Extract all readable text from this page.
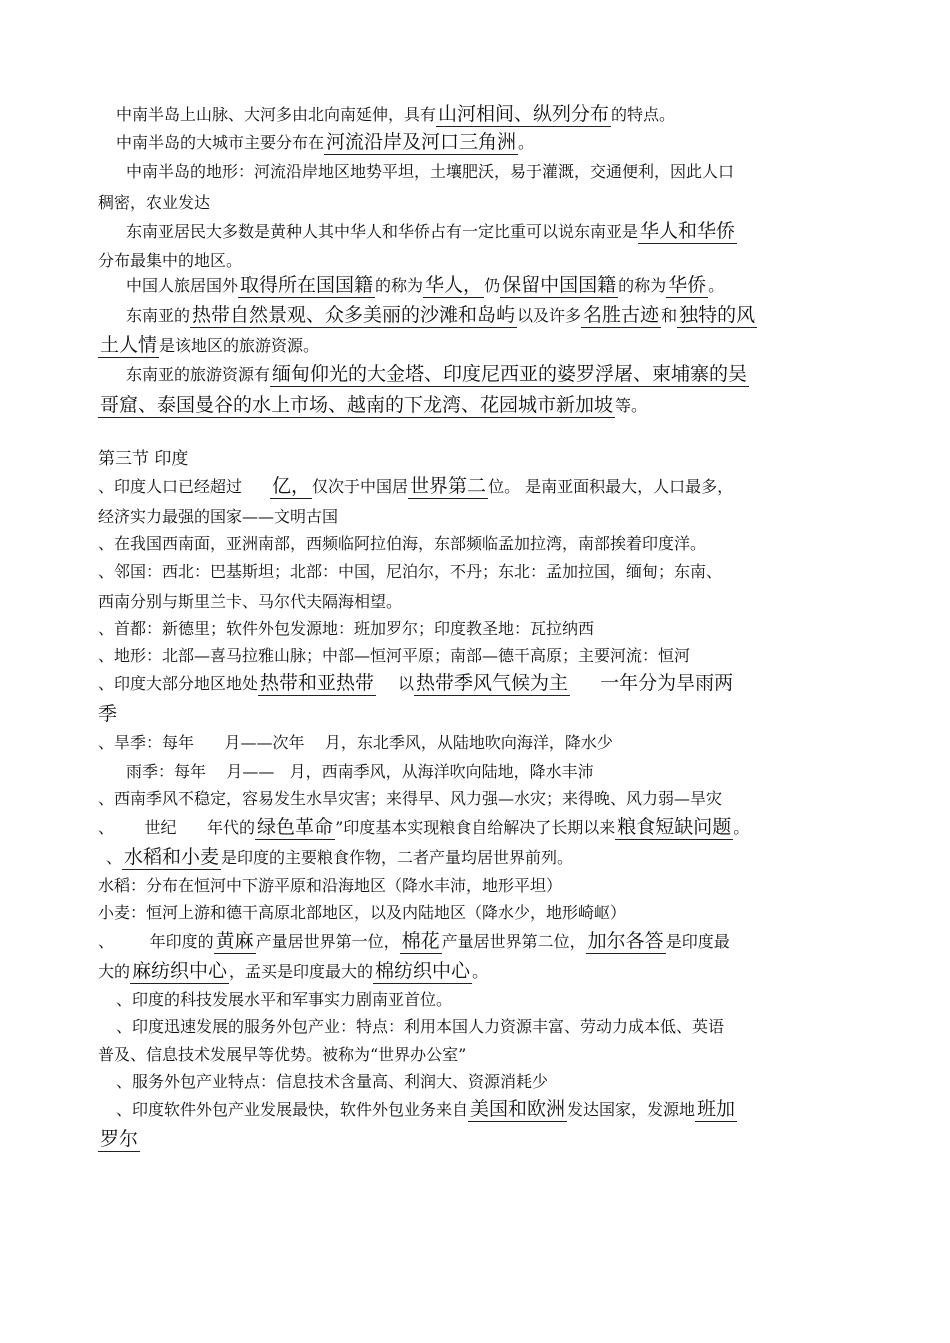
中南半岛上山脉、大河多由北向南延伸，具有 山河相间、纵列分布 的特点。
中南半岛的大城市主要分布在 河流沿岸及河口三角洲 。
中南半岛的地形：河流沿岸地区地势平坦，土壤肥沃，易于灌溉，交通便利，因此人口
稠密，农业发达
东南亚居民大多数是黄种人其中华人和华侨占有一定比重可以说东南亚是 华人和华侨
分布最集中的地区。
中国人旅居国外 取得所在国国籍 的称为 华人， 仍 保留中国国籍 的称为 华侨 。
东南亚的 热带自然景观、众多美丽的沙滩和岛屿 以及许多 名胜古迹 和 独特的风
土人情 是该地区的旅游资源。
东南亚的旅游资源有 缅甸仰光的大金塔、印度尼西亚的婆罗浮屠、柬埔寨的吴
哥窟、泰国曼谷的水上市场、越南的下龙湾、花园城市新加坡 等。
第三节 印度
、印度人口已经超过 亿， 仅次于中国居 世界第二 位。 是南亚面积最大，人口最多，
经济实力最强的国家——文明古国
、在我国西南面，亚洲南部，西频临阿拉伯海，东部频临孟加拉湾，南部挨着印度洋。
、邻国：西北：巴基斯坦；北部：中国，尼泊尔，不丹；东北：孟加拉国，缅甸；东南、
西南分别与斯里兰卡、马尔代夫隔海相望。
、首都：新德里；软件外包发源地：班加罗尔；印度教圣地：瓦拉纳西
、地形：北部—喜马拉雅山脉；中部—恒河平原；南部—德干高原；主要河流：恒河
、印度大部分地区地处 热带和亚热带 以 热带季风气候为主 一年分为旱雨两
季
、旱季：每年      月——次年    月，东北季风，从陆地吹向海洋，降水少
雨季：每年    月——   月，西南季风，从海洋吹向陆地，降水丰沛
、西南季风不稳定，容易发生水旱灾害；来得早、风力强—水灾；来得晚、风力弱—旱灾
、      世纪      年代的 绿色革命 ”印度基本实现粮食自给解决了长期以来 粮食短缺问题 。
、 水稻和小麦 是印度的主要粮食作物，二者产量均居世界前列。
水稻：分布在恒河中下游平原和沿海地区（降水丰沛，地形平坦）
小麦：恒河上游和德干高原北部地区，以及内陆地区（降水少，地形崎岖）
、       年印度的 黄麻 产量居世界第一位， 棉花 产量居世界第二位， 加尔各答 是印度最
大的 麻纺织中心 ，孟买是印度最大的 棉纺织中心 。
、印度的科技发展水平和军事实力剧南亚首位。
、印度迅速发展的服务外包产业：特点：利用本国人力资源丰富、劳动力成本低、英语
普及、信息技术发展早等优势。被称为“世界办公室”
、服务外包产业特点：信息技术含量高、利润大、资源消耗少
、印度软件外包产业发展最快，软件外包业务来自 美国和欧洲 发达国家，发源地 班加
罗尔
